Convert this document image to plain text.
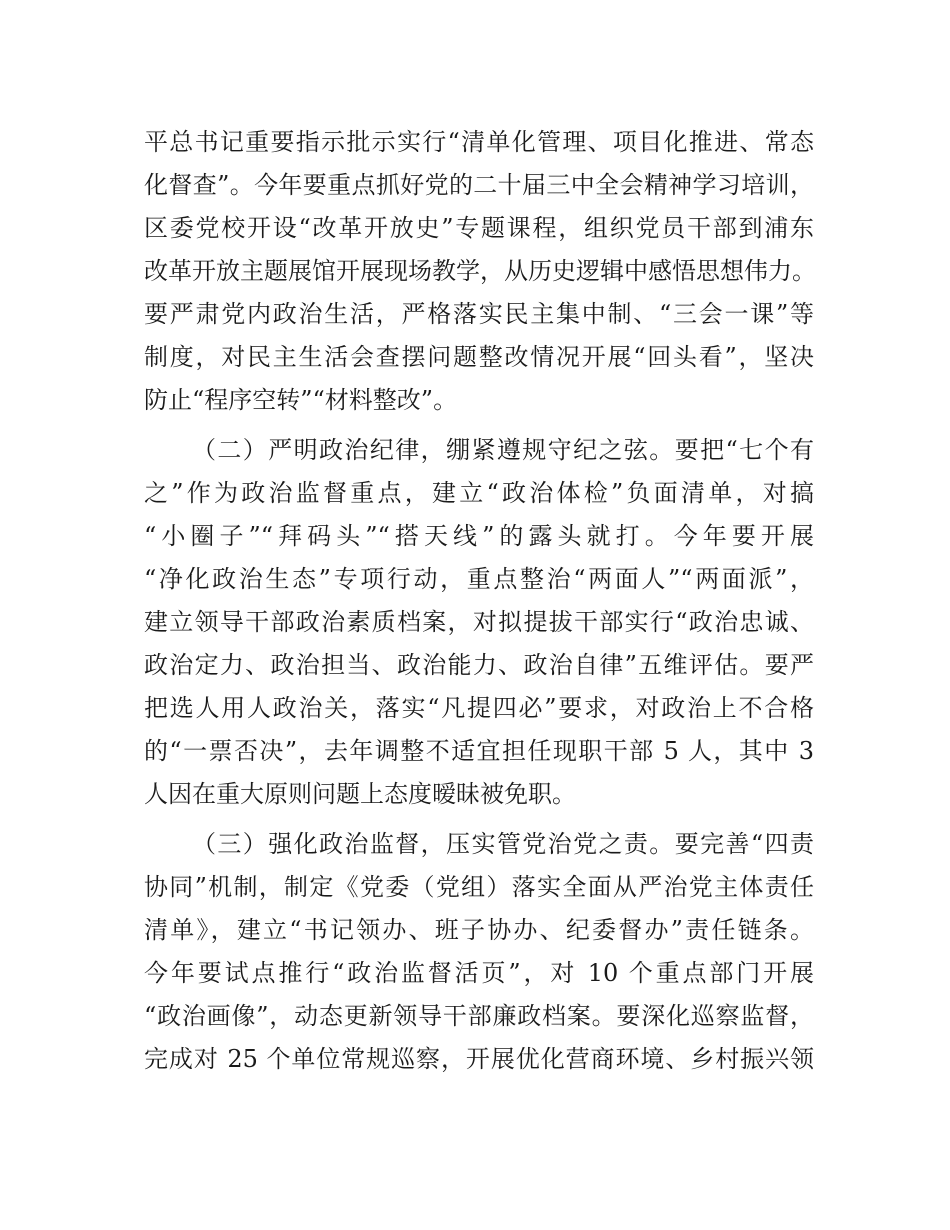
平总书记重要指示批示实行“清单化管理、项目化推进、常态
化督查”。今年要重点抓好党的二十届三中全会精神学习培训，
区委党校开设“改革开放史”专题课程，组织党员干部到浦东
改革开放主题展馆开展现场教学，从历史逻辑中感悟思想伟力。
要严肃党内政治生活，严格落实民主集中制、“三会一课”等
制度，对民主生活会查摆问题整改情况开展“回头看”，坚决
防止“程序空转”“材料整改”。
（二）严明政治纪律，绷紧遵规守纪之弦。要把“七个有
之”作为政治监督重点，建立“政治体检”负面清单，对搞
“小圈子”“拜码头”“搭天线”的露头就打。今年要开展
“净化政治生态”专项行动，重点整治“两面人”“两面派”，
建立领导干部政治素质档案，对拟提拔干部实行“政治忠诚、
政治定力、政治担当、政治能力、政治自律”五维评估。要严
把选人用人政治关，落实“凡提四必”要求，对政治上不合格
的“一票否决”，去年调整不适宜担任现职干部 5 人，其中 3
人因在重大原则问题上态度暧昧被免职。
（三）强化政治监督，压实管党治党之责。要完善“四责
协同”机制，制定《党委（党组）落实全面从严治党主体责任
清单》，建立“书记领办、班子协办、纪委督办”责任链条。
今年要试点推行“政治监督活页”，对 10 个重点部门开展
“政治画像”，动态更新领导干部廉政档案。要深化巡察监督，
完成对 25 个单位常规巡察，开展优化营商环境、乡村振兴领
